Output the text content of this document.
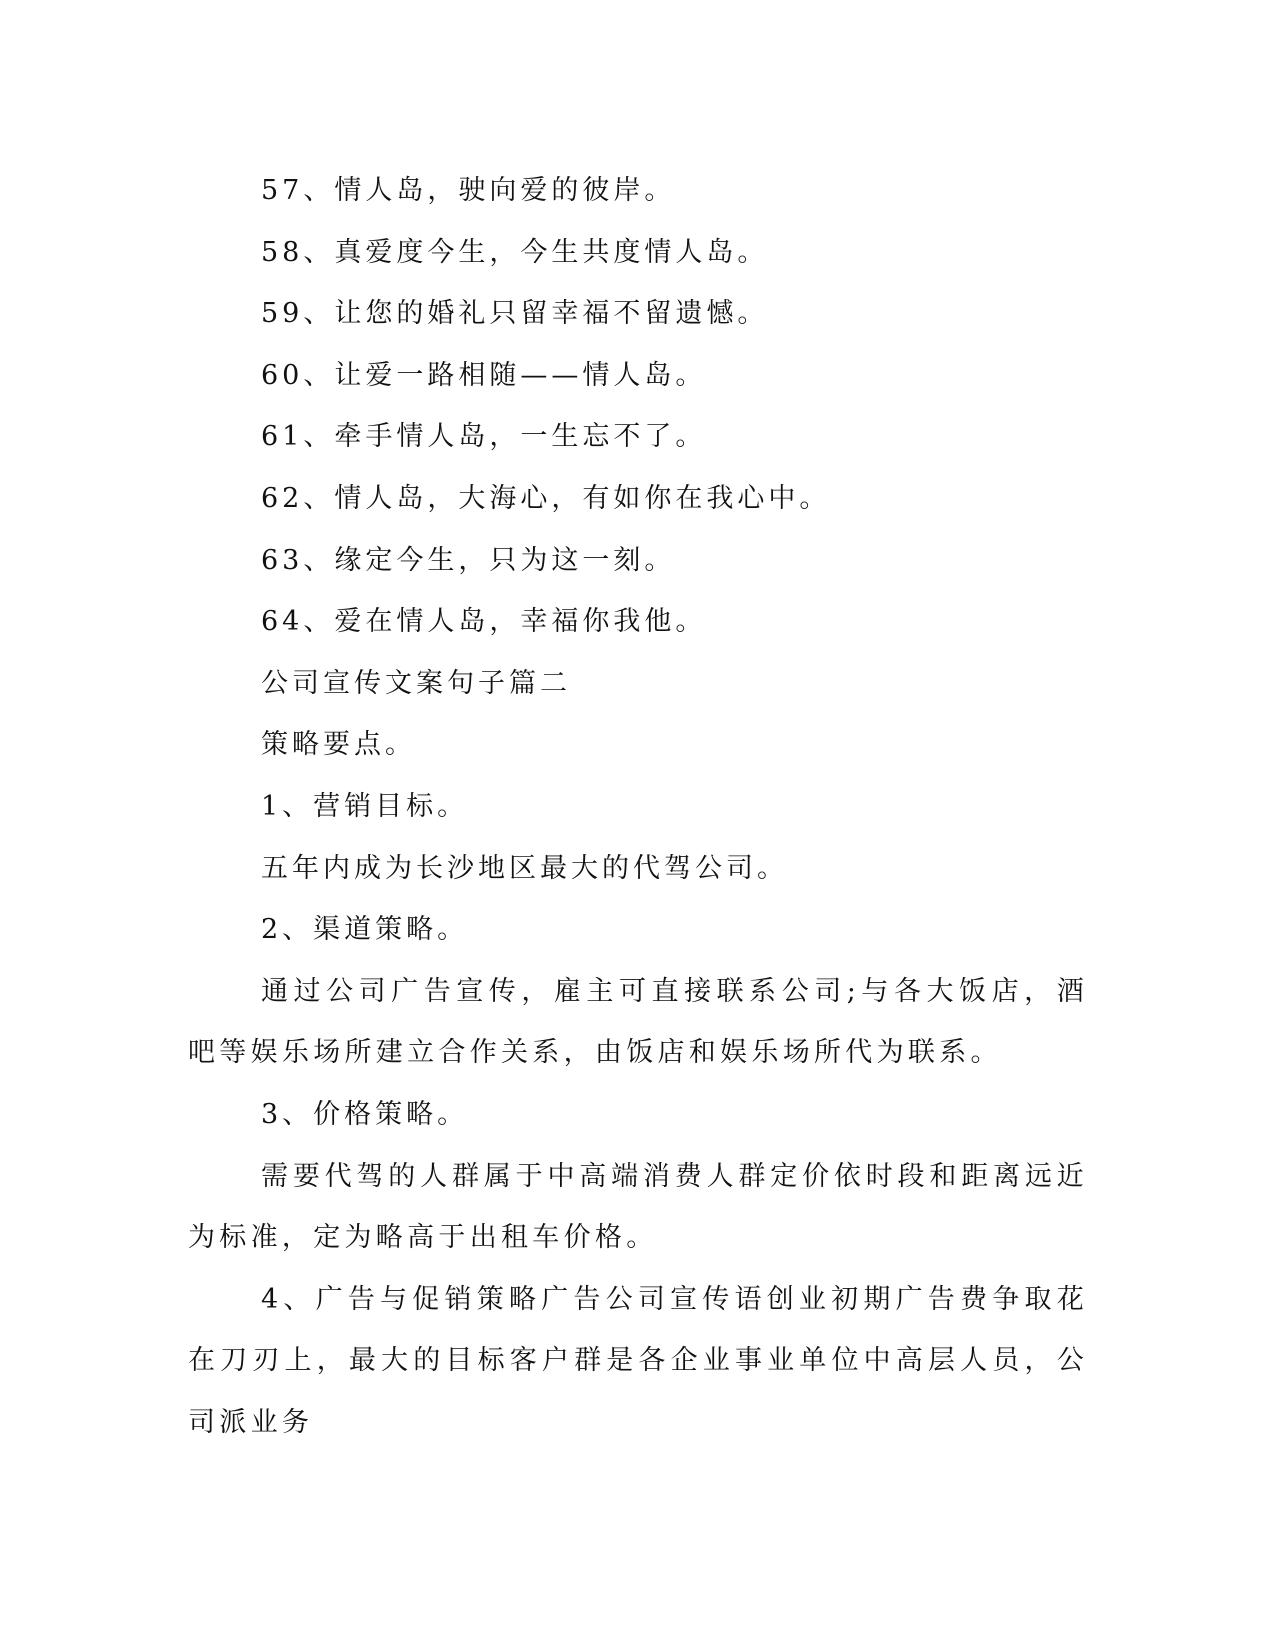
57、情人岛，驶向爱的彼岸。

58、真爱度今生，今生共度情人岛。

59、让您的婚礼只留幸福不留遗憾。

60、让爱一路相随——情人岛。

61、牵手情人岛，一生忘不了。

62、情人岛，大海心，有如你在我心中。

63、缘定今生，只为这一刻。

64、爱在情人岛，幸福你我他。

公司宣传文案句子篇二

策略要点。

1、营销目标。

五年内成为长沙地区最大的代驾公司。

2、渠道策略。

通过公司广告宣传，雇主可直接联系公司;与各大饭店，酒吧等娱乐场所建立合作关系，由饭店和娱乐场所代为联系。

3、价格策略。

需要代驾的人群属于中高端消费人群定价依时段和距离远近为标准，定为略高于出租车价格。

4、广告与促销策略广告公司宣传语创业初期广告费争取花在刀刃上，最大的目标客户群是各企业事业单位中高层人员，公司派业务
